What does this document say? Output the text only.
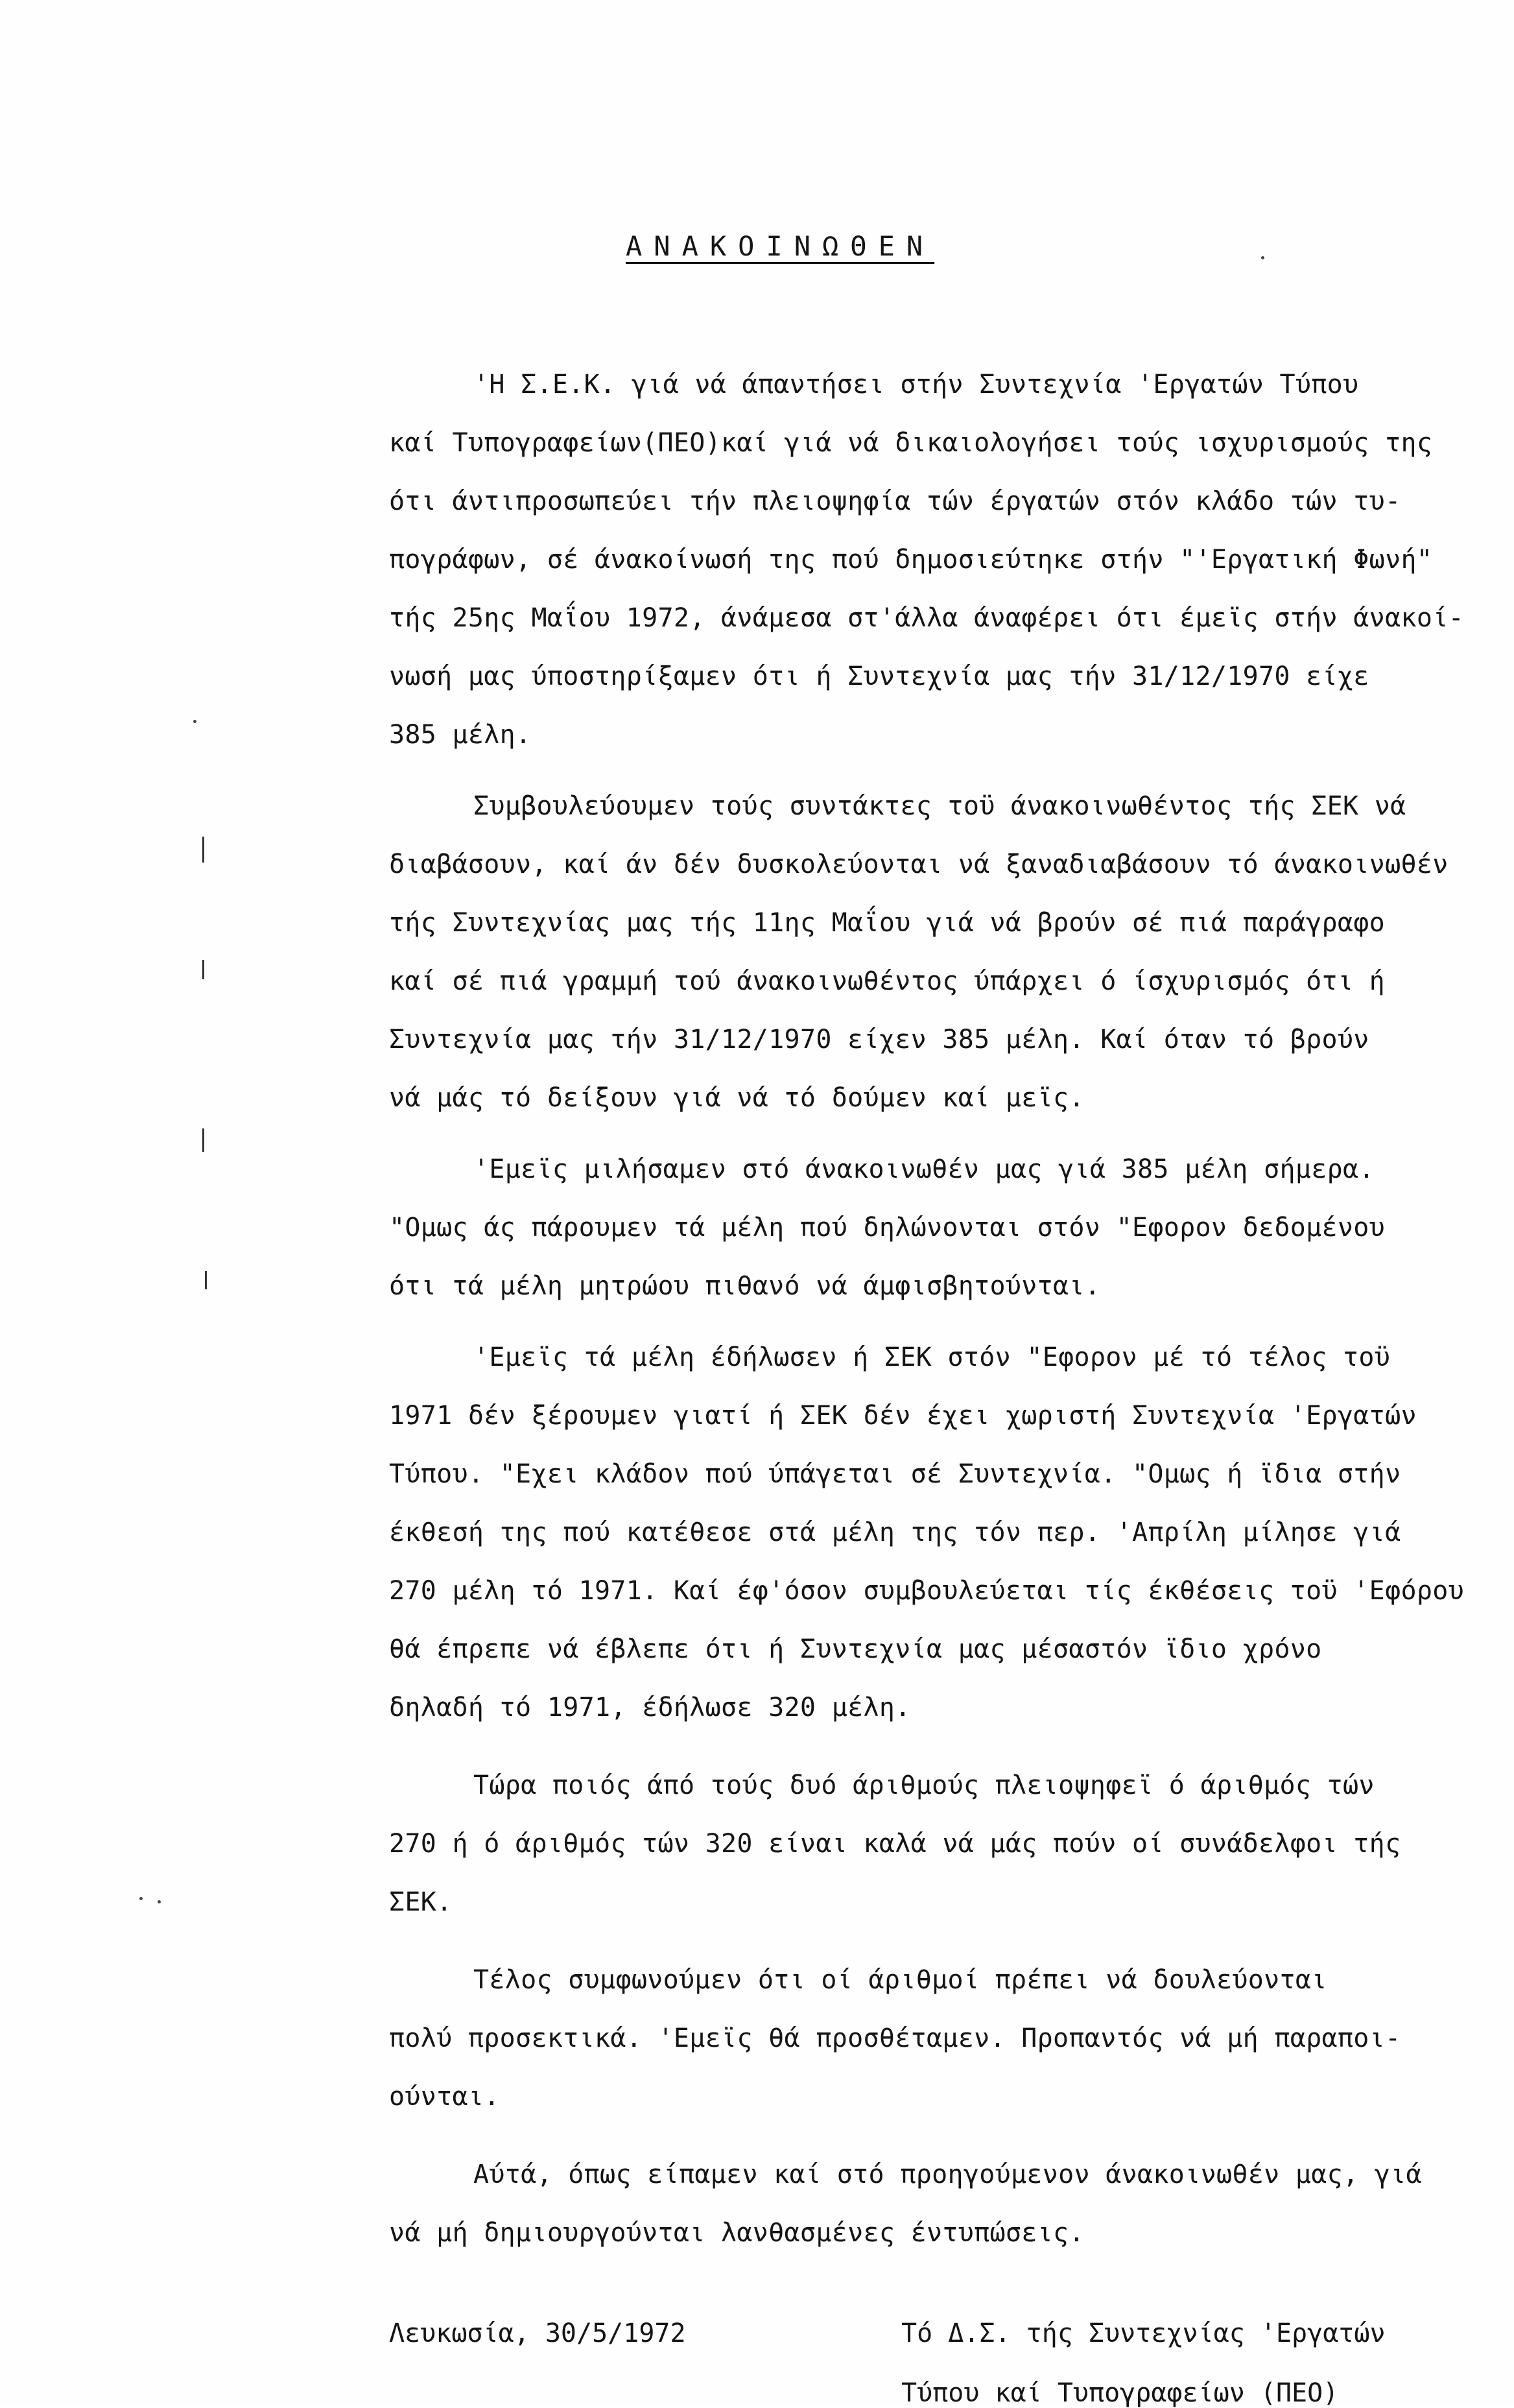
ΑΝΑΚΟΙΝΩΘΕΝ
'Η Σ.Ε.Κ. γιά νά άπαντήσει στήν Συντεχνία 'Εργατών Τύπου
καί Τυπογραφείων(ΠΕΟ)καί γιά νά δικαιολογήσει τούς ισχυρισμούς της
ότι άντιπροσωπεύει τήν πλειοψηφία τών έργατών στόν κλάδο τών τυ-
πογράφων, σέ άνακοίνωσή της πού δημοσιεύτηκε στήν "'Εργατική Φωνή"
τής 25ης Μαΐου 1972, άνάμεσα στ'άλλα άναφέρει ότι έμεϊς στήν άνακοί-
νωσή μας ύποστηρίξαμεν ότι ή Συντεχνία μας τήν 31/12/1970 είχε
385 μέλη.
Συμβουλεύουμεν τούς συντάκτες τοϋ άνακοινωθέντος τής ΣΕΚ νά
διαβάσουν, καί άν δέν δυσκολεύονται νά ξαναδιαβάσουν τό άνακοινωθέν
τής Συντεχνίας μας τής 11ης Μαΐου γιά νά βρούν σέ πιά παράγραφο
καί σέ πιά γραμμή τού άνακοινωθέντος ύπάρχει ό ίσχυρισμός ότι ή
Συντεχνία μας τήν 31/12/1970 είχεν 385 μέλη. Καί όταν τό βρούν
νά μάς τό δείξουν γιά νά τό δούμεν καί μεϊς.
'Εμεϊς μιλήσαμεν στό άνακοινωθέν μας γιά 385 μέλη σήμερα.
"Ομως άς πάρουμεν τά μέλη πού δηλώνονται στόν "Εφορον δεδομένου
ότι τά μέλη μητρώου πιθανό νά άμφισβητούνται.
'Εμεϊς τά μέλη έδήλωσεν ή ΣΕΚ στόν "Εφορον μέ τό τέλος τοϋ
1971 δέν ξέρουμεν γιατί ή ΣΕΚ δέν έχει χωριστή Συντεχνία 'Εργατών
Τύπου. "Εχει κλάδον πού ύπάγεται σέ Συντεχνία. "Ομως ή ϊδια στήν
έκθεσή της πού κατέθεσε στά μέλη της τόν περ. 'Απρίλη μίλησε γιά
270 μέλη τό 1971. Καί έφ'όσον συμβουλεύεται τίς έκθέσεις τοϋ 'Εφόρου
θά έπρεπε νά έβλεπε ότι ή Συντεχνία μας μέσαστόν ϊδιο χρόνο
δηλαδή τό 1971, έδήλωσε 320 μέλη.
Τώρα ποιός άπό τούς δυό άριθμούς πλειοψηφεϊ ό άριθμός τών
270 ή ό άριθμός τών 320 είναι καλά νά μάς πούν οί συνάδελφοι τής
ΣΕΚ.
Τέλος συμφωνούμεν ότι οί άριθμοί πρέπει νά δουλεύονται
πολύ προσεκτικά. 'Εμεϊς θά προσθέταμεν. Προπαντός νά μή παραποι-
ούνται.
Αύτά, όπως είπαμεν καί στό προηγούμενον άνακοινωθέν μας, γιά
νά μή δημιουργούνται λανθασμένες έντυπώσεις.
Λευκωσία, 30/5/1972	Τό Δ.Σ. τής Συντεχνίας 'Εργατών
Τύπου καί Τυπογραφείων (ΠΕΟ)
